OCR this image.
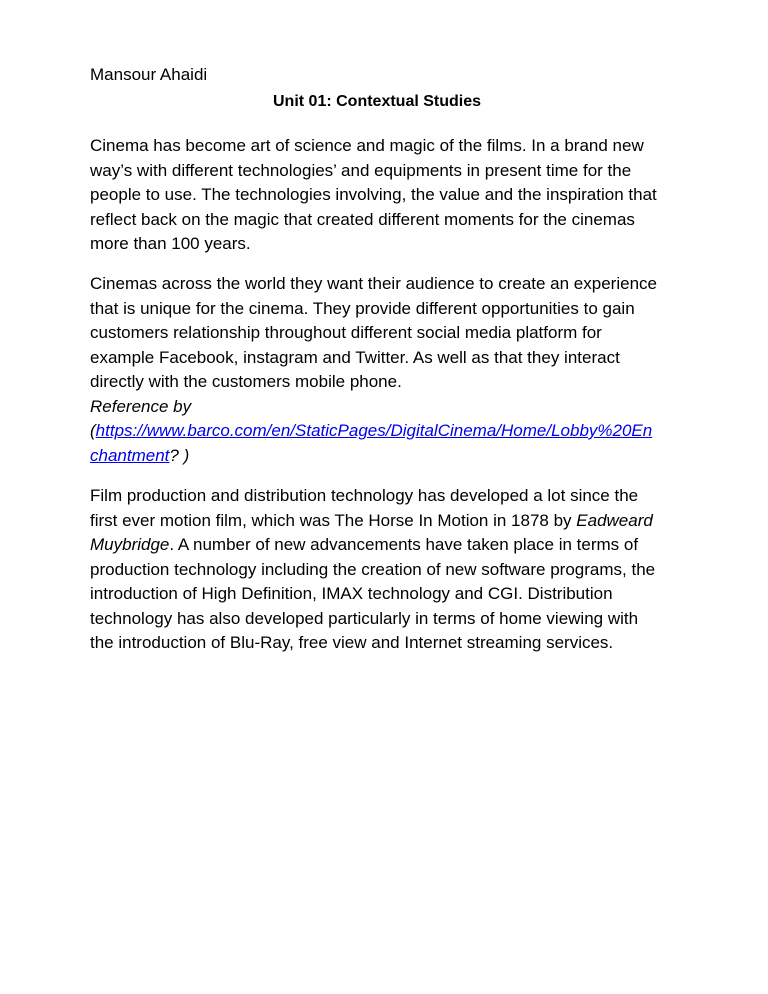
Mansour Ahaidi
Unit 01: Contextual Studies
Cinema has become art of science and magic of the films. In a brand new
way’s with different technologies’ and equipments in present time for the
people to use. The technologies involving, the value and the inspiration that
reflect back on the magic that created different moments for the cinemas
more than 100 years.
Cinemas across the world they want their audience to create an experience
that is unique for the cinema. They provide different opportunities to gain
customers relationship throughout different social media platform for
example Facebook, instagram and Twitter. As well as that they interact
directly with the customers mobile phone.
Reference by
(https://www.barco.com/en/StaticPages/DigitalCinema/Home/Lobby%20En
chantment? )
Film production and distribution technology has developed a lot since the
first ever motion film, which was The Horse In Motion in 1878 by Eadweard
Muybridge. A number of new advancements have taken place in terms of
production technology including the creation of new software programs, the
introduction of High Definition, IMAX technology and CGI. Distribution
technology has also developed particularly in terms of home viewing with
the introduction of Blu-Ray, free view and Internet streaming services.
